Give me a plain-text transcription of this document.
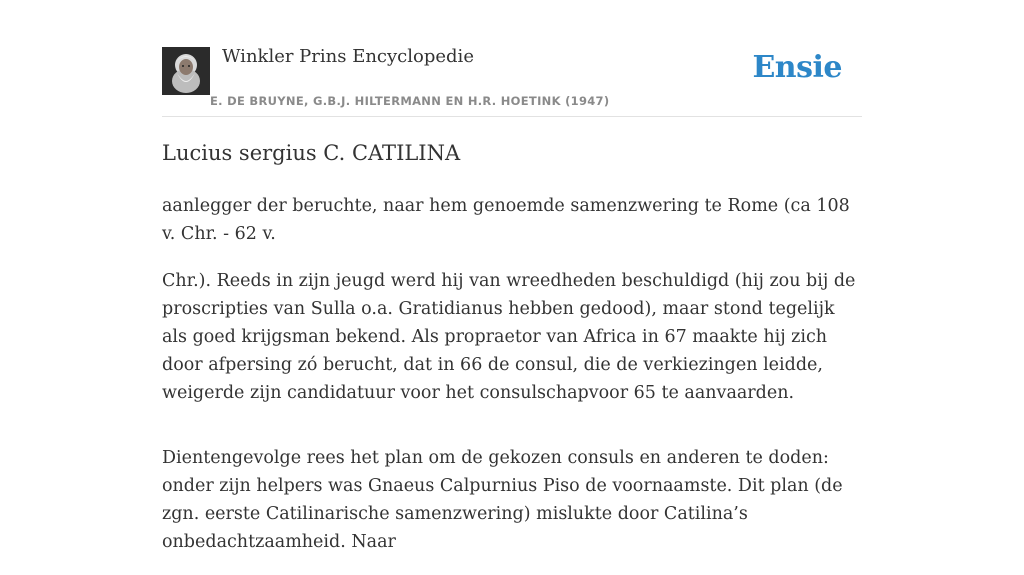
Winkler Prins Encyclopedie
E. DE BRUYNE, G.B.J. HILTERMANN EN H.R. HOETINK (1947)
Ensie
Lucius sergius C. CATILINA

aanlegger der beruchte, naar hem genoemde samenzwering te Rome (ca 108 v. Chr. - 62 v.

Chr.). Reeds in zijn jeugd werd hij van wreedheden beschuldigd (hij zou bij de proscripties van Sulla o.a. Gratidianus hebben gedood), maar stond tegelijk als goed krijgsman bekend. Als propraetor van Africa in 67 maakte hij zich door afpersing zó berucht, dat in 66 de consul, die de verkiezingen leidde, weigerde zijn candidatuur voor het consulschapvoor 65 te aanvaarden.

Dientengevolge rees het plan om de gekozen consuls en anderen te doden: onder zijn helpers was Gnaeus Calpurnius Piso de voornaamste. Dit plan (de zgn. eerste Catilinarische samenzwering) mislukte door Catilina’s onbedachtzaamheid. Naar
